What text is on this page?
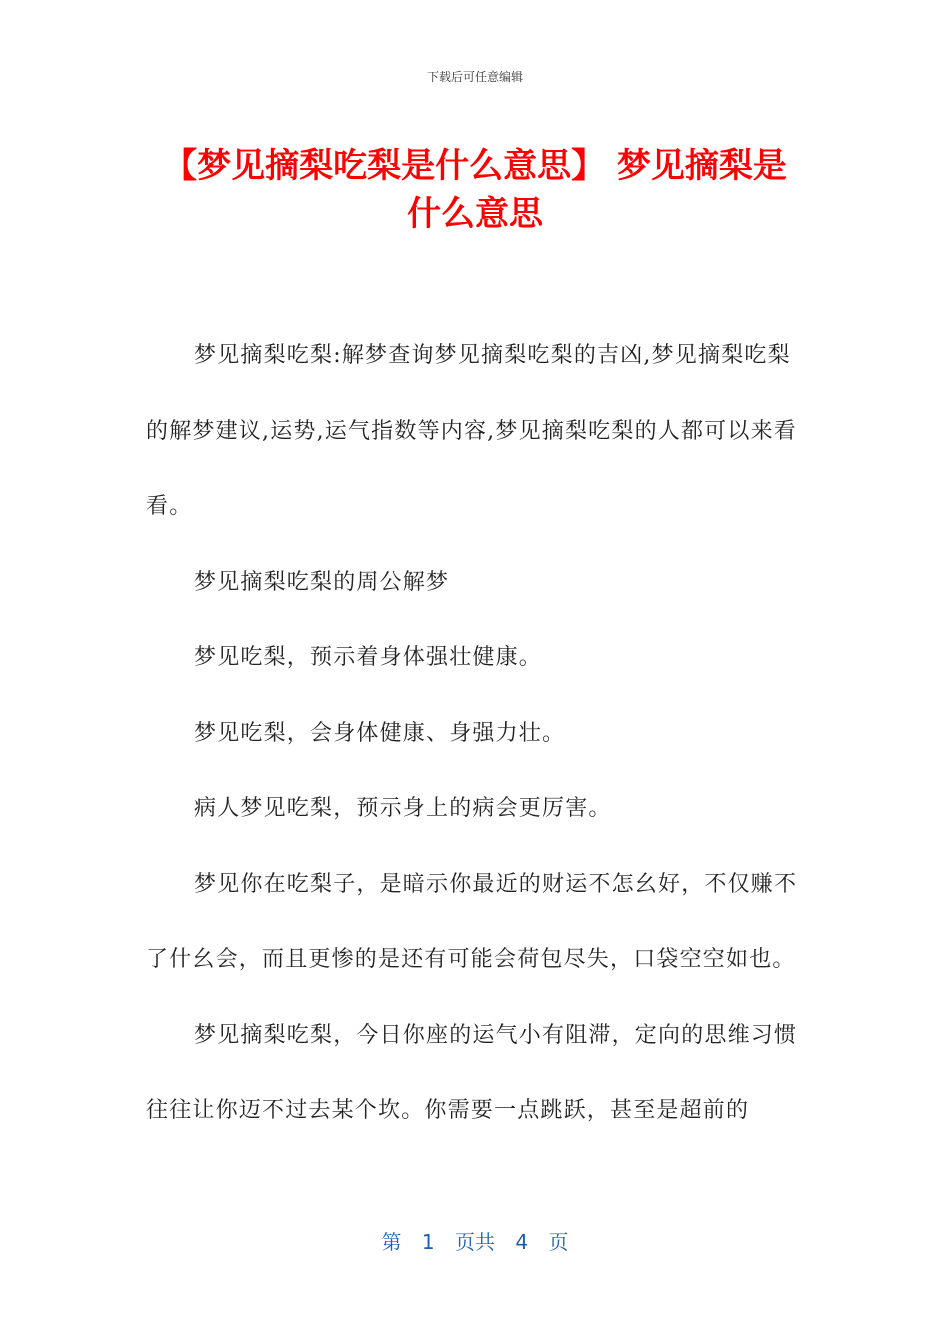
下载后可任意编辑
【梦见摘梨吃梨是什么意思】 梦见摘梨是什么意思

梦见摘梨吃梨:解梦查询梦见摘梨吃梨的吉凶,梦见摘梨吃梨的解梦建议,运势,运气指数等内容,梦见摘梨吃梨的人都可以来看看。

梦见摘梨吃梨的周公解梦

梦见吃梨，预示着身体强壮健康。

梦见吃梨，会身体健康、身强力壮。

病人梦见吃梨，预示身上的病会更厉害。

梦见你在吃梨子，是暗示你最近的财运不怎幺好，不仅赚不了什幺会，而且更惨的是还有可能会荷包尽失，口袋空空如也。

梦见摘梨吃梨，今日你座的运气小有阻滞，定向的思维习惯往往让你迈不过去某个坎。你需要一点跳跃，甚至是超前的

第 1 页共 4 页
